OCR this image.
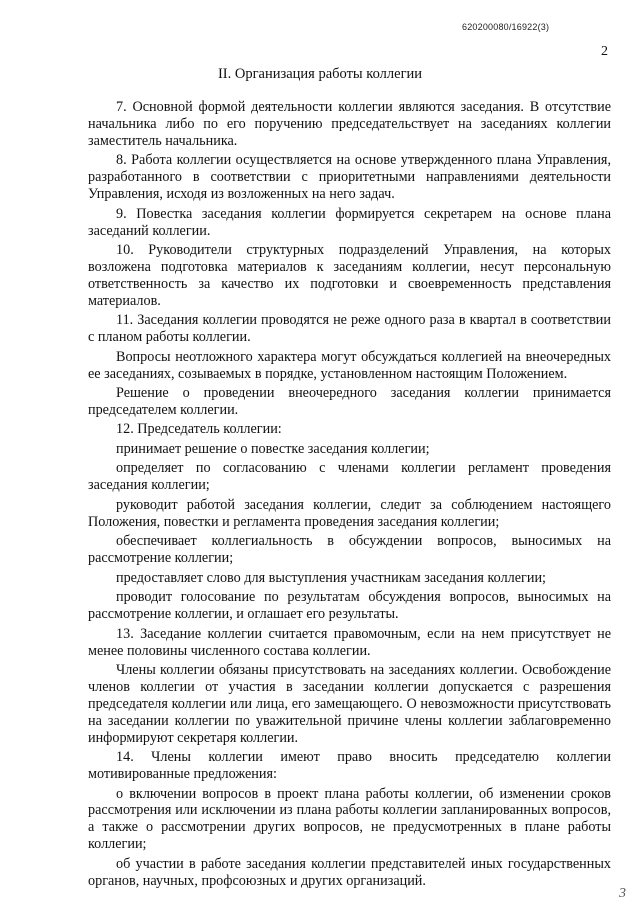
620200080/16922(3)
2
II. Организация работы коллегии

7. Основной формой деятельности коллегии являются заседания. В отсутствие начальника либо по его поручению председательствует на заседаниях коллегии заместитель начальника.

8. Работа коллегии осуществляется на основе утвержденного плана Управления, разработанного в соответствии с приоритетными направлениями деятельности Управления, исходя из возложенных на него задач.

9. Повестка заседания коллегии формируется секретарем на основе плана заседаний коллегии.

10. Руководители структурных подразделений Управления, на которых возложена подготовка материалов к заседаниям коллегии, несут персональную ответственность за качество их подготовки и своевременность представления материалов.

11. Заседания коллегии проводятся не реже одного раза в квартал в соответствии с планом работы коллегии.

Вопросы неотложного характера могут обсуждаться коллегией на внеочередных ее заседаниях, созываемых в порядке, установленном настоящим Положением.

Решение о проведении внеочередного заседания коллегии принимается председателем коллегии.

12. Председатель коллегии:

принимает решение о повестке заседания коллегии;

определяет по согласованию с членами коллегии регламент проведения заседания коллегии;

руководит работой заседания коллегии, следит за соблюдением настоящего Положения, повестки и регламента проведения заседания коллегии;

обеспечивает коллегиальность в обсуждении вопросов, выносимых на рассмотрение коллегии;

предоставляет слово для выступления участникам заседания коллегии;

проводит голосование по результатам обсуждения вопросов, выносимых на рассмотрение коллегии, и оглашает его результаты.

13. Заседание коллегии считается правомочным, если на нем присутствует не менее половины численного состава коллегии.

Члены коллегии обязаны присутствовать на заседаниях коллегии. Освобождение членов коллегии от участия в заседании коллегии допускается с разрешения председателя коллегии или лица, его замещающего. О невозможности присутствовать на заседании коллегии по уважительной причине члены коллегии заблаговременно информируют секретаря коллегии.

14. Члены коллегии имеют право вносить председателю коллегии мотивированные предложения:

о включении вопросов в проект плана работы коллегии, об изменении сроков рассмотрения или исключении из плана работы коллегии запланированных вопросов, а также о рассмотрении других вопросов, не предусмотренных в плане работы коллегии;

об участии в работе заседания коллегии представителей иных государственных органов, научных, профсоюзных и других организаций.

3
